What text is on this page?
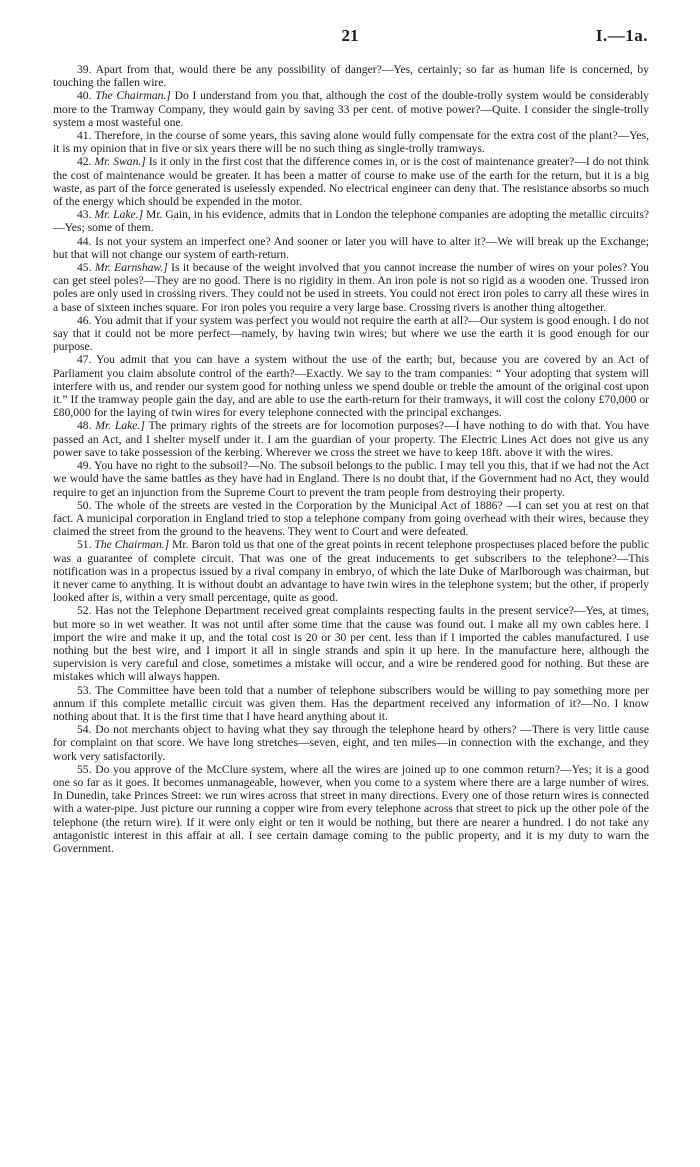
21	I.—1a.

39. Apart from that, would there be any possibility of danger?—Yes, certainly; so far as human life is concerned, by touching the fallen wire.

40. The Chairman.] Do I understand from you that, although the cost of the double-trolly system would be considerably more to the Tramway Company, they would gain by saving 33 per cent. of motive power?—Quite. I consider the single-trolly system a most wasteful one.

41. Therefore, in the course of some years, this saving alone would fully compensate for the extra cost of the plant?—Yes, it is my opinion that in five or six years there will be no such thing as single-trolly tramways.

42. Mr. Swan.] Is it only in the first cost that the difference comes in, or is the cost of maintenance greater?—I do not think the cost of maintenance would be greater. It has been a matter of course to make use of the earth for the return, but it is a big waste, as part of the force generated is uselessly expended. No electrical engineer can deny that. The resistance absorbs so much of the energy which should be expended in the motor.

43. Mr. Lake.] Mr. Gain, in his evidence, admits that in London the telephone companies are adopting the metallic circuits?—Yes; some of them.

44. Is not your system an imperfect one? And sooner or later you will have to alter it?—We will break up the Exchange; but that will not change our system of earth-return.

45. Mr. Earnshaw.] Is it because of the weight involved that you cannot increase the number of wires on your poles? You can get steel poles?—They are no good. There is no rigidity in them. An iron pole is not so rigid as a wooden one. Trussed iron poles are only used in crossing rivers. They could not be used in streets. You could not erect iron poles to carry all these wires in a base of sixteen inches square. For iron poles you require a very large base. Crossing rivers is another thing altogether.

46. You admit that if your system was perfect you would not require the earth at all?—Our system is good enough. I do not say that it could not be more perfect—namely, by having twin wires; but where we use the earth it is good enough for our purpose.

47. You admit that you can have a system without the use of the earth; but, because you are covered by an Act of Parliament you claim absolute control of the earth?—Exactly. We say to the tram companies: “ Your adopting that system will interfere with us, and render our system good for nothing unless we spend double or treble the amount of the original cost upon it.” If the tramway people gain the day, and are able to use the earth-return for their tramways, it will cost the colony £70,000 or £80,000 for the laying of twin wires for every telephone connected with the principal exchanges.

48. Mr. Lake.] The primary rights of the streets are for locomotion purposes?—I have nothing to do with that. You have passed an Act, and I shelter myself under it. I am the guardian of your property. The Electric Lines Act does not give us any power save to take possession of the kerbing. Wherever we cross the street we have to keep 18ft. above it with the wires.

49. You have no right to the subsoil?—No. The subsoil belongs to the public. I may tell you this, that if we had not the Act we would have the same battles as they have had in England. There is no doubt that, if the Government had no Act, they would require to get an injunction from the Supreme Court to prevent the tram people from destroying their property.

50. The whole of the streets are vested in the Corporation by the Municipal Act of 1886? —I can set you at rest on that fact. A municipal corporation in England tried to stop a telephone company from going overhead with their wires, because they claimed the street from the ground to the heavens. They went to Court and were defeated.

51. The Chairman.] Mr. Baron told us that one of the great points in recent telephone prospectuses placed before the public was a guarantee of complete circuit. That was one of the great inducements to get subscribers to the telephone?—This notification was in a propectus issued by a rival company in embryo, of which the late Duke of Marlborough was chairman, but it never came to anything. It is without doubt an advantage to have twin wires in the telephone system; but the other, if properly looked after is, within a very small percentage, quite as good.

52. Has not the Telephone Department received great complaints respecting faults in the present service?—Yes, at times, but more so in wet weather. It was not until after some time that the cause was found out. I make all my own cables here. I import the wire and make it up, and the total cost is 20 or 30 per cent. less than if I imported the cables manufactured. I use nothing but the best wire, and I import it all in single strands and spin it up here. In the manufacture here, although the supervision is very careful and close, sometimes a mistake will occur, and a wire be rendered good for nothing. But these are mistakes which will always happen.

53. The Committee have been told that a number of telephone subscribers would be willing to pay something more per annum if this complete metallic circuit was given them. Has the department received any information of it?—No. I know nothing about that. It is the first time that I have heard anything about it.

54. Do not merchants object to having what they say through the telephone heard by others? —There is very little cause for complaint on that score. We have long stretches—seven, eight, and ten miles—in connection with the exchange, and they work very satisfactorily.

55. Do you approve of the McClure system, where all the wires are joined up to one common return?—Yes; it is a good one so far as it goes. It becomes unmanageable, however, when you come to a system where there are a large number of wires. In Dunedin, take Princes Street: we run wires across that street in many directions. Every one of those return wires is connected with a water-pipe. Just picture our running a copper wire from every telephone across that street to pick up the other pole of the telephone (the return wire). If it were only eight or ten it would be nothing, but there are nearer a hundred. I do not take any antagonistic interest in this affair at all. I see certain damage coming to the public property, and it is my duty to warn the Government.
